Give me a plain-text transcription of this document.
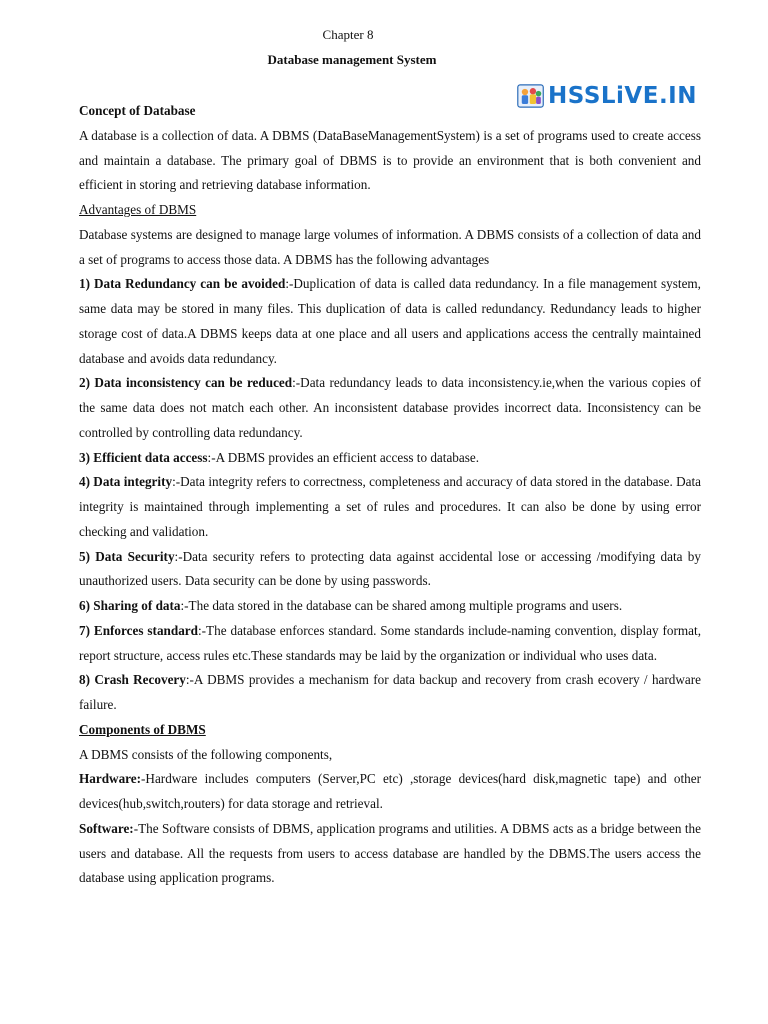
Chapter 8
Database management System
HSSLiVE.IN

Concept of Database

A database is a collection of data. A DBMS (DataBaseManagementSystem) is a set of programs used to create access and maintain a database. The primary goal of DBMS is to provide an environment that is both convenient and efficient in storing and retrieving database information.

Advantages of DBMS

Database systems are designed to manage large volumes of information. A DBMS consists of a collection of data and a set of programs to access those data. A DBMS has the following advantages

1) Data Redundancy can be avoided:-Duplication of data is called data redundancy. In a file management system, same data may be stored in many files. This duplication of data is called redundancy. Redundancy leads to higher storage cost of data.A DBMS keeps data at one place and all users and applications access the centrally maintained database and avoids data redundancy.

2) Data inconsistency can be reduced:-Data redundancy leads to data inconsistency.ie,when the various copies of the same data does not match each other. An inconsistent database provides incorrect data. Inconsistency can be controlled by controlling data redundancy.

3) Efficient data access:-A DBMS provides an efficient access to database.

4) Data integrity:-Data integrity refers to correctness, completeness and accuracy of data stored in the database. Data integrity is maintained through implementing a set of rules and procedures. It can also be done by using error checking and validation.

5) Data Security:-Data security refers to protecting data against accidental lose or accessing /modifying data by unauthorized users. Data security can be done by using passwords.

6) Sharing of data:-The data stored in the database can be shared among multiple programs and users.

7) Enforces standard:-The database enforces standard. Some standards include-naming convention, display format, report structure, access rules etc.These standards may be laid by the organization or individual who uses data.

8) Crash Recovery:-A DBMS provides a mechanism for data backup and recovery from crash ecovery / hardware failure.

Components of DBMS

A DBMS consists of the following components,

Hardware:-Hardware includes computers (Server,PC etc) ,storage devices(hard disk,magnetic tape) and other devices(hub,switch,routers) for data storage and retrieval.

Software:-The Software consists of DBMS, application programs and utilities. A DBMS acts as a bridge between the users and database. All the requests from users to access database are handled by the DBMS.The users access the database using application programs.
